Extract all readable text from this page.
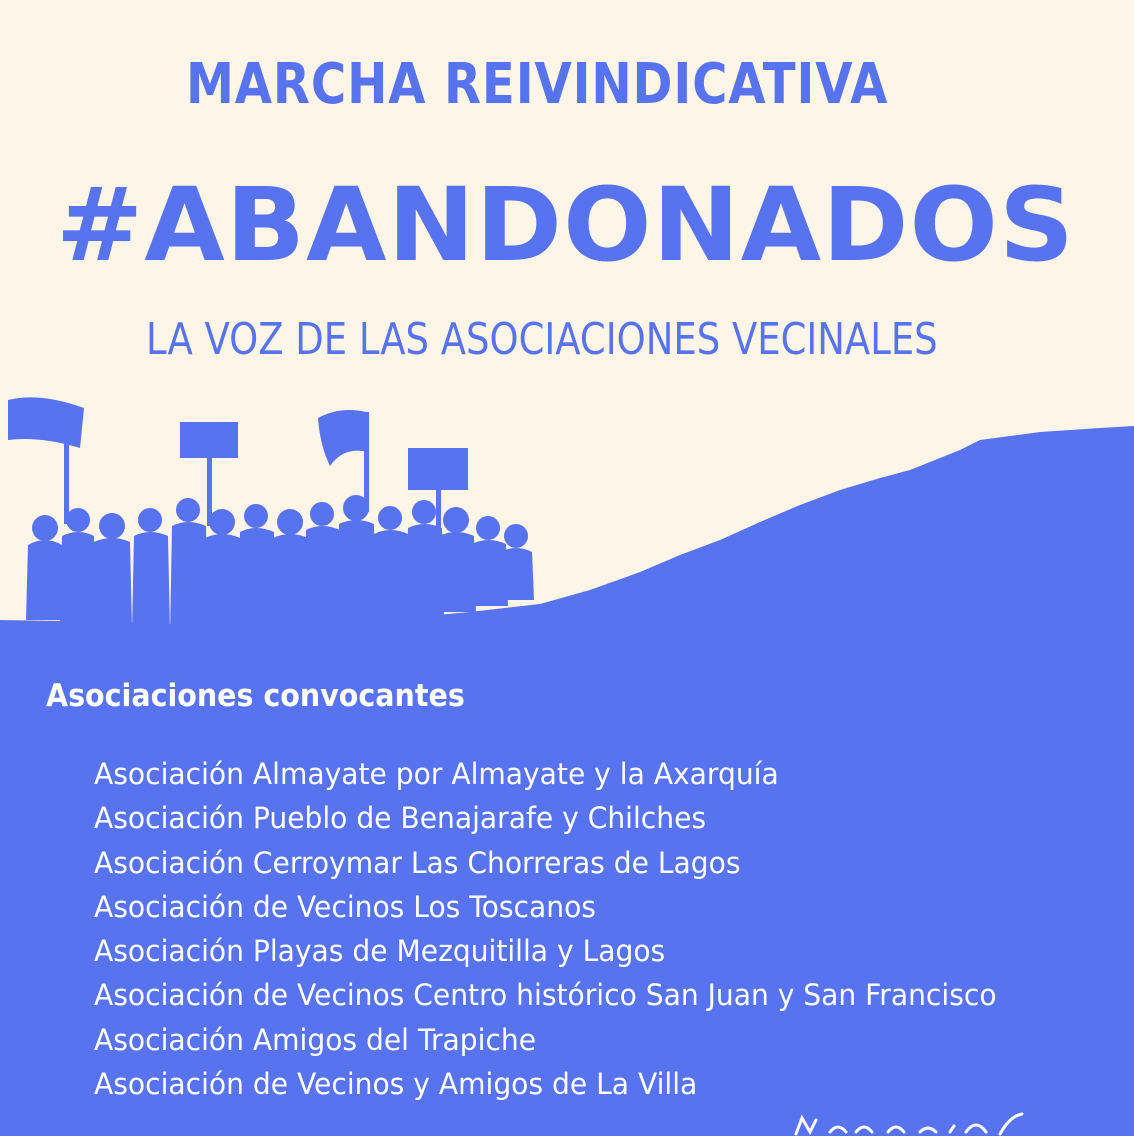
MARCHA REIVINDICATIVA
#ABANDONADOS
LA VOZ DE LAS ASOCIACIONES VECINALES
Asociaciones convocantes
Asociación Almayate por Almayate y la Axarquía
Asociación Pueblo de Benajarafe y Chilches
Asociación Cerroymar Las Chorreras de Lagos
Asociación de Vecinos Los Toscanos
Asociación Playas de Mezquitilla y Lagos
Asociación de Vecinos Centro histórico San Juan y San Francisco
Asociación Amigos del Trapiche
Asociación de Vecinos y Amigos de La Villa
